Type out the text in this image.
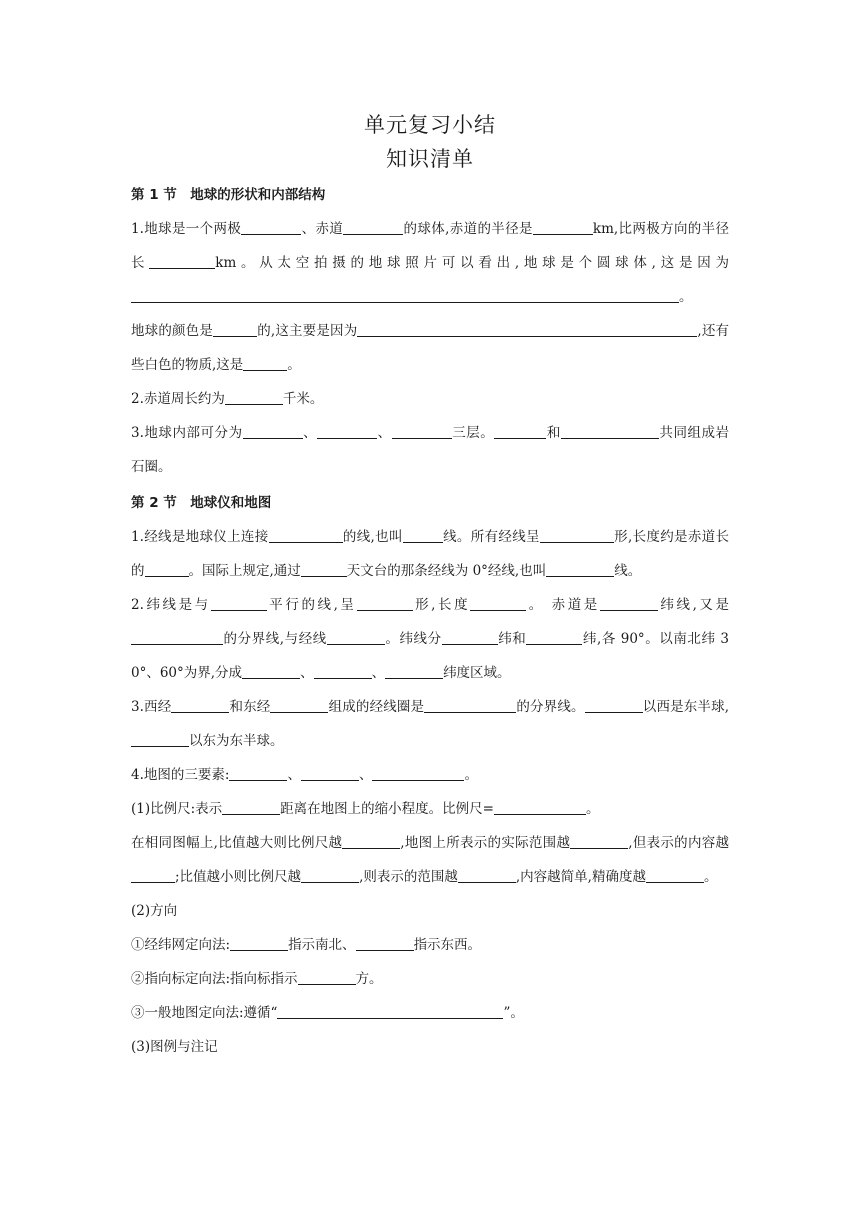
单元复习小结
知识清单
第 1 节　地球的形状和内部结构
1.地球是一个两极	、赤道	的球体,赤道的半径是	km,比两极方向的半径长	km。从太空拍摄的地球照片可以看出,地球是个圆球体,这是因为。
地球的颜色是	的,这主要是因为	,还有些白色的物质,这是	。
2.赤道周长约为	千米。
3.地球内部可分为	、	、	三层。	和	共同组成岩石圈。
第 2 节　地球仪和地图
1.经线是地球仪上连接	的线,也叫	线。所有经线呈	形,长度约是赤道长的	。国际上规定,通过	天文台的那条经线为 0°经线,也叫	线。
2.纬线是与	平行的线,呈	形,长度	。 赤道是	纬线,又是的分界线,与经线	。纬线分	纬和	纬,各 90°。以南北纬 30°、60°为界,分成	、	、	纬度区域。
3.西经	和东经	组成的经线圈是	的分界线。	以西是东半球,以东为东半球。
4.地图的三要素:	、	、	。
(1)比例尺:表示	距离在地图上的缩小程度。比例尺=	。
在相同图幅上,比值越大则比例尺越	,地图上所表示的实际范围越	,但表示的内容越;比值越小则比例尺越	,则表示的范围越	,内容越简单,精确度越	。
(2)方向
①经纬网定向法:	指示南北、	指示东西。
②指向标定向法:指向标指示	方。
③一般地图定向法:遵循“	”。
(3)图例与注记
